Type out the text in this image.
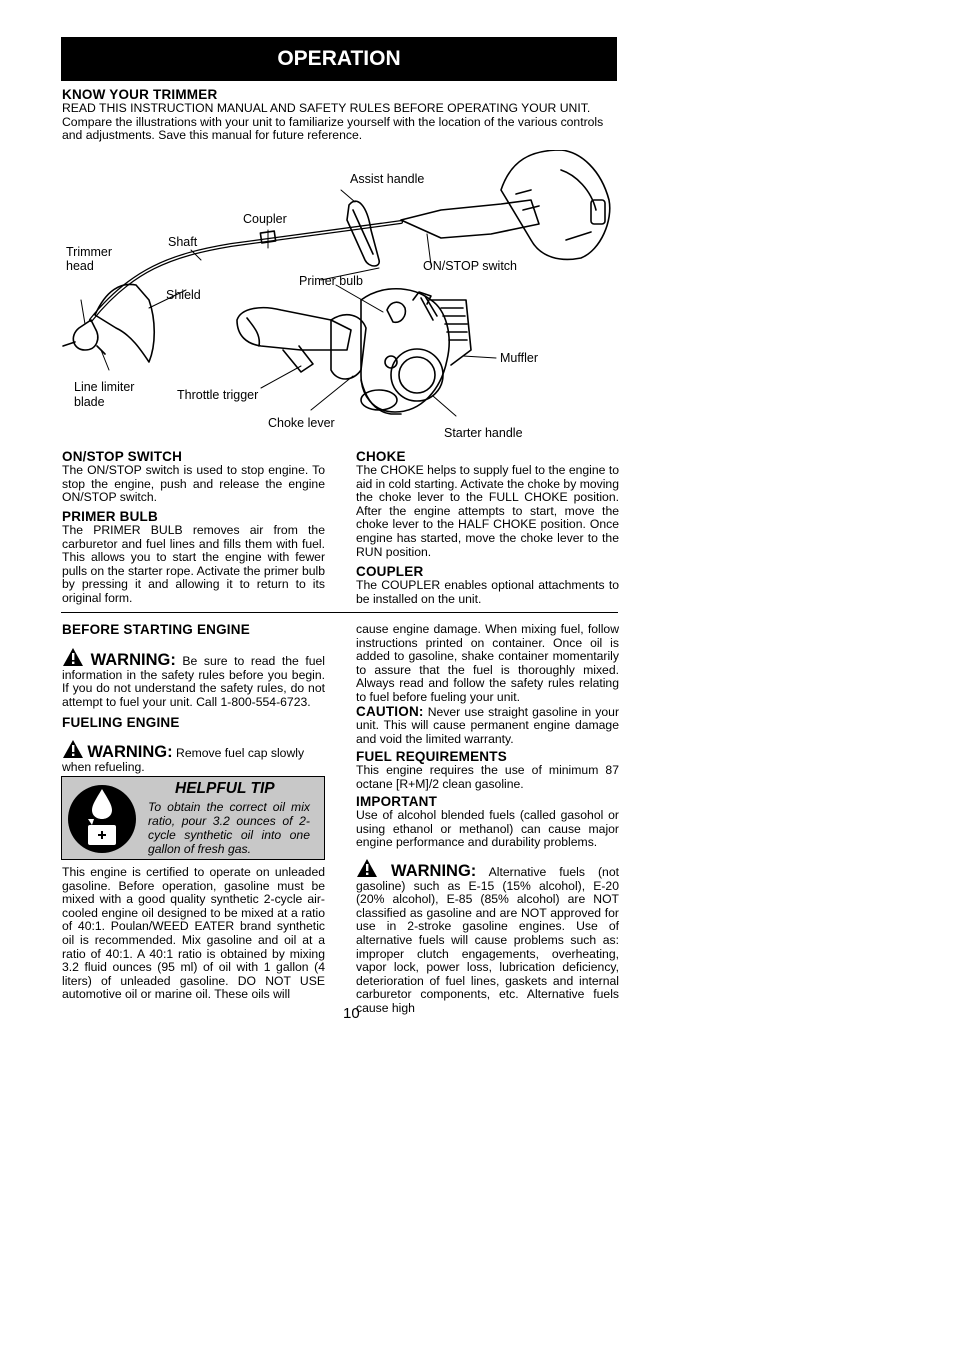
OPERATION
KNOW YOUR TRIMMER
READ THIS INSTRUCTION MANUAL AND SAFETY RULES BEFORE OPERATING YOUR UNIT.
Compare the illustrations with your unit to familiarize yourself with the location of the various controls
and adjustments. Save this manual for future reference.
Assist handle
Coupler
Shaft
Trimmer
head	ON/STOP switch
Primer bulb
Shield
Muffler
Line limiter
blade	Throttle trigger
Choke lever
Starter handle
ON/STOP SWITCH
The ON/STOP switch is used to stop engine. To stop the engine, push and release the engine ON/STOP switch.
PRIMER BULB
The PRIMER BULB removes air from the carburetor and fuel lines and fills them with fuel. This allows you to start the engine with fewer pulls on the starter rope. Activate the primer bulb by pressing it and allowing it to return to its original form.
CHOKE
The CHOKE helps to supply fuel to the engine to aid in cold starting. Activate the choke by moving the choke lever to the FULL CHOKE position. After the engine attempts to start, move the choke lever to the HALF CHOKE position. Once engine has started, move the choke lever to the RUN position.
COUPLER
The COUPLER enables optional attachments to be installed on the unit.
BEFORE STARTING ENGINE
WARNING: Be sure to read the fuel information in the safety rules before you begin. If you do not understand the safety rules, do not attempt to fuel your unit. Call 1-800-554-6723.
FUELING ENGINE
WARNING: Remove fuel cap slowly when refueling.
HELPFUL TIP
To obtain the correct oil mix ratio, pour 3.2 ounces of 2-cycle synthetic oil into one gallon of fresh gas.
This engine is certified to operate on unleaded gasoline. Before operation, gasoline must be mixed with a good quality synthetic 2-cycle air-cooled engine oil designed to be mixed at a ratio of 40:1. Poulan/WEED EATER brand synthetic oil is recommended. Mix gasoline and oil at a ratio of 40:1. A 40:1 ratio is obtained by mixing 3.2 fluid ounces (95 ml) of oil with 1 gallon (4 liters) of unleaded gasoline. DO NOT USE automotive oil or marine oil. These oils will
cause engine damage. When mixing fuel, follow instructions printed on container. Once oil is added to gasoline, shake container momentarily to assure that the fuel is thoroughly mixed. Always read and follow the safety rules relating to fuel before fueling your unit.
CAUTION: Never use straight gasoline in your unit. This will cause permanent engine damage and void the limited warranty.
FUEL REQUIREMENTS
This engine requires the use of minimum 87 octane [R+M]/2 clean gasoline.
IMPORTANT
Use of alcohol blended fuels (called gasohol or using ethanol or methanol) can cause major engine performance and durability problems.
WARNING: Alternative fuels (not gasoline) such as E-15 (15% alcohol), E-20 (20% alcohol), E-85 (85% alcohol) are NOT classified as gasoline and are NOT approved for use in 2-stroke gasoline engines. Use of alternative fuels will cause problems such as: improper clutch engagements, overheating, vapor lock, power loss, lubrication deficiency, deterioration of fuel lines, gaskets and internal carburetor components, etc. Alternative fuels cause high
10
